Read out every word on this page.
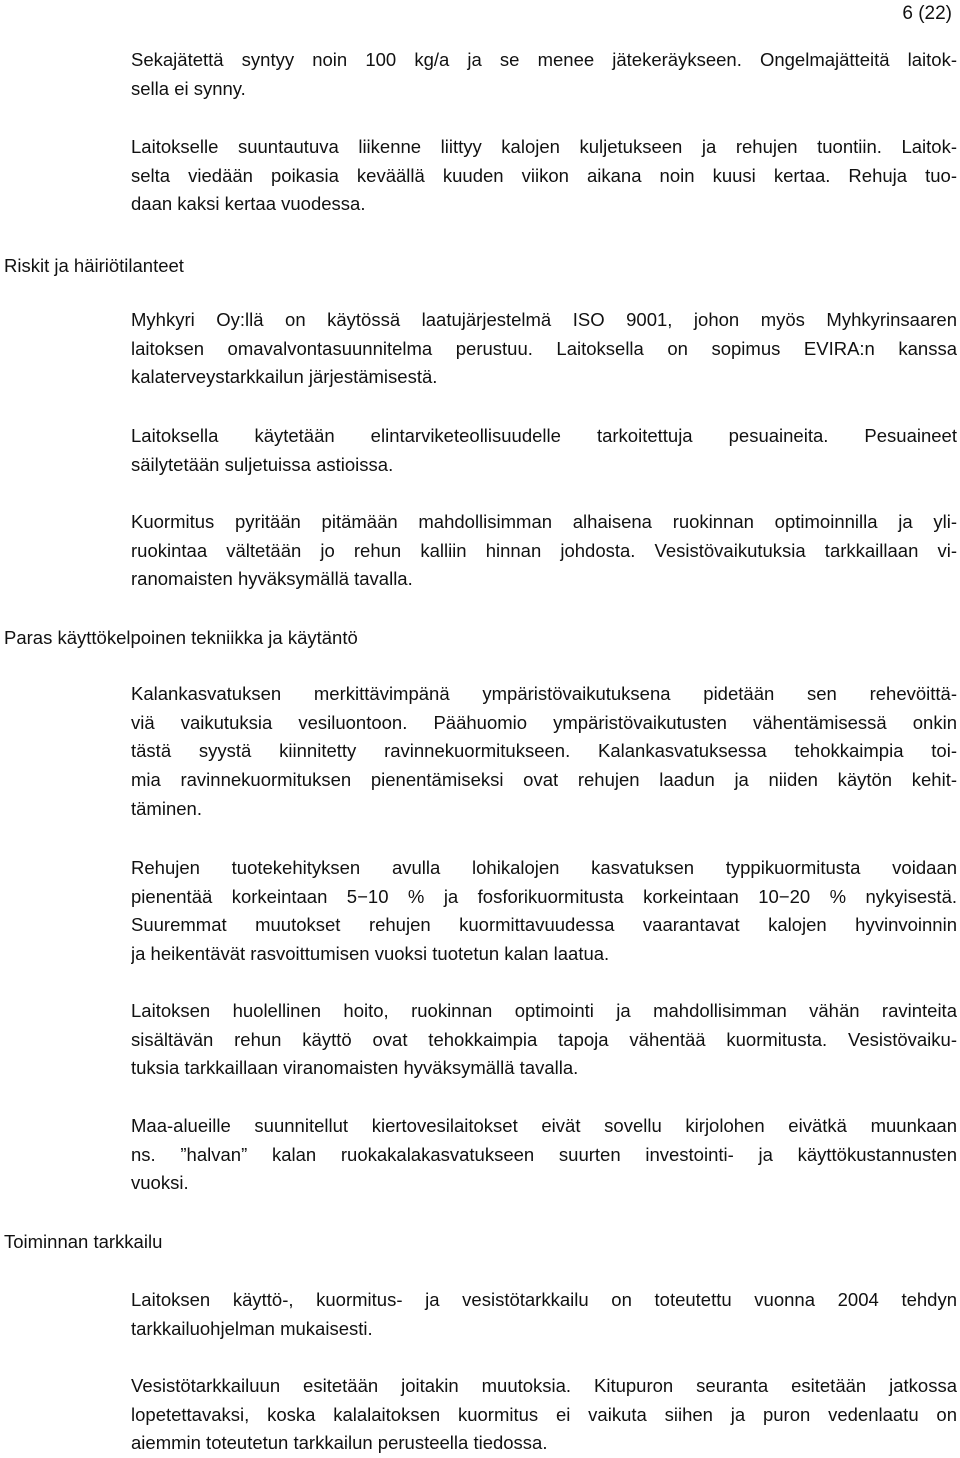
6 (22)
Sekajätettä syntyy noin 100 kg/a ja se menee jätekeräykseen. Ongelmajätteitä laitok-
sella ei synny.
Laitokselle suuntautuva liikenne liittyy kalojen kuljetukseen ja rehujen tuontiin. Laitok-
selta viedään poikasia keväällä kuuden viikon aikana noin kuusi kertaa. Rehuja tuo-
daan kaksi kertaa vuodessa.
Riskit ja häiriötilanteet
Myhkyri Oy:llä on käytössä laatujärjestelmä ISO 9001, johon myös Myhkyrinsaaren
laitoksen omavalvontasuunnitelma perustuu. Laitoksella on sopimus EVIRA:n kanssa
kalaterveystarkkailun järjestämisestä.
Laitoksella käytetään elintarviketeollisuudelle tarkoitettuja pesuaineita. Pesuaineet
säilytetään suljetuissa astioissa.
Kuormitus pyritään pitämään mahdollisimman alhaisena ruokinnan optimoinnilla ja yli-
ruokintaa vältetään jo rehun kalliin hinnan johdosta. Vesistövaikutuksia tarkkaillaan vi-
ranomaisten hyväksymällä tavalla.
Paras käyttökelpoinen tekniikka ja käytäntö
Kalankasvatuksen merkittävimpänä ympäristövaikutuksena pidetään sen rehevöittä-
viä vaikutuksia vesiluontoon. Päähuomio ympäristövaikutusten vähentämisessä onkin
tästä syystä kiinnitetty ravinnekuormitukseen. Kalankasvatuksessa tehokkaimpia toi-
mia ravinnekuormituksen pienentämiseksi ovat rehujen laadun ja niiden käytön kehit-
täminen.
Rehujen tuotekehityksen avulla lohikalojen kasvatuksen typpikuormitusta voidaan
pienentää korkeintaan 5−10 % ja fosforikuormitusta korkeintaan 10−20 % nykyisestä.
Suuremmat muutokset rehujen kuormittavuudessa vaarantavat kalojen hyvinvoinnin
ja heikentävät rasvoittumisen vuoksi tuotetun kalan laatua.
Laitoksen huolellinen hoito, ruokinnan optimointi ja mahdollisimman vähän ravinteita
sisältävän rehun käyttö ovat tehokkaimpia tapoja vähentää kuormitusta. Vesistövaiku-
tuksia tarkkaillaan viranomaisten hyväksymällä tavalla.
Maa-alueille suunnitellut kiertovesilaitokset eivät sovellu kirjolohen eivätkä muunkaan
ns. ”halvan” kalan ruokakalakasvatukseen suurten investointi- ja käyttökustannusten
vuoksi.
Toiminnan tarkkailu
Laitoksen käyttö-, kuormitus- ja vesistötarkkailu on toteutettu vuonna 2004 tehdyn
tarkkailuohjelman mukaisesti.
Vesistötarkkailuun esitetään joitakin muutoksia. Kitupuron seuranta esitetään jatkossa
lopetettavaksi, koska kalalaitoksen kuormitus ei vaikuta siihen ja puron vedenlaatu on
aiemmin toteutetun tarkkailun perusteella tiedossa.
